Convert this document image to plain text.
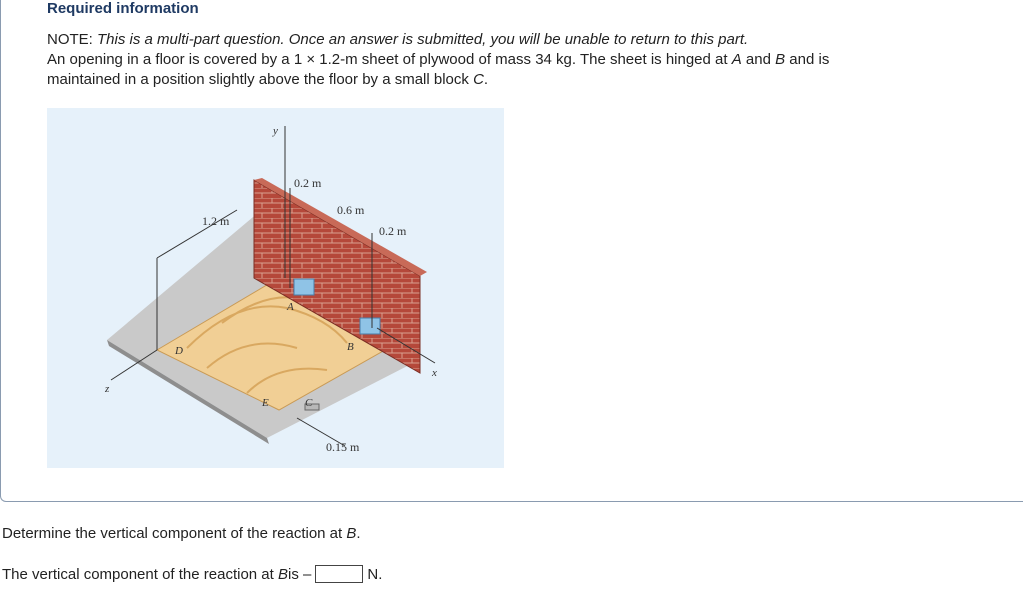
Required information
NOTE: This is a multi-part question. Once an answer is submitted, you will be unable to return to this part.
An opening in a floor is covered by a 1 × 1.2-m sheet of plywood of mass 34 kg. The sheet is hinged at A and B and is
maintained in a position slightly above the floor by a small block C.
y
x
z
A
B
C
D
E
0.2 m
0.6 m
0.2 m
1.2 m
0.15 m
Determine the vertical component of the reaction at B.
The vertical component of the reaction at
B is –	N.
